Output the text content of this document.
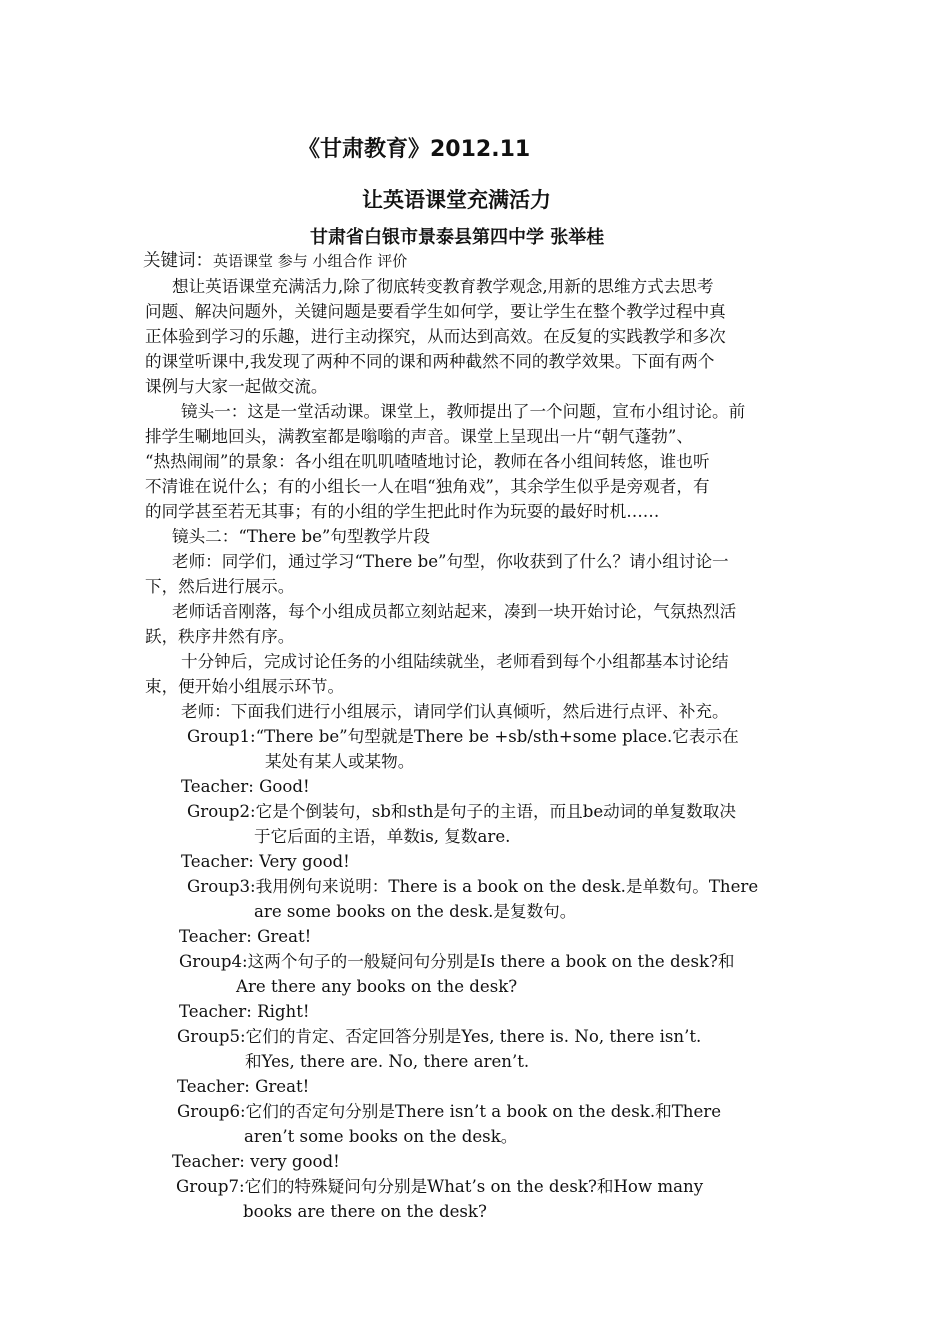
《甘肃教育》2012.11
让英语课堂充满活力
甘肃省白银市景泰县第四中学 张举桂
关键词：英语课堂 参与 小组合作 评价
想让英语课堂充满活力,除了彻底转变教育教学观念,用新的思维方式去思考
问题、解决问题外，关键问题是要看学生如何学，要让学生在整个教学过程中真
正体验到学习的乐趣，进行主动探究，从而达到高效。在反复的实践教学和多次
的课堂听课中,我发现了两种不同的课和两种截然不同的教学效果。下面有两个
课例与大家一起做交流。
镜头一：这是一堂活动课。课堂上，教师提出了一个问题，宣布小组讨论。前
排学生唰地回头，满教室都是嗡嗡的声音。课堂上呈现出一片“朝气蓬勃”、
“热热闹闹”的景象：各小组在叽叽喳喳地讨论，教师在各小组间转悠，谁也听
不清谁在说什么；有的小组长一人在唱“独角戏”，其余学生似乎是旁观者，有
的同学甚至若无其事；有的小组的学生把此时作为玩耍的最好时机……
镜头二：“There be”句型教学片段
老师：同学们，通过学习“There be”句型，你收获到了什么？请小组讨论一
下，然后进行展示。
老师话音刚落，每个小组成员都立刻站起来，凑到一块开始讨论，气氛热烈活
跃，秩序井然有序。
十分钟后，完成讨论任务的小组陆续就坐，老师看到每个小组都基本讨论结
束，便开始小组展示环节。
老师：下面我们进行小组展示，请同学们认真倾听，然后进行点评、补充。
Group1:“There be”句型就是There be +sb/sth+some place.它表示在
某处有某人或某物。
Teacher: Good!
Group2:它是个倒装句，sb和sth是句子的主语，而且be动词的单复数取决
于它后面的主语，单数is, 复数are.
Teacher: Very good!
Group3:我用例句来说明：There is a book on the desk.是单数句。There
are some books on the desk.是复数句。
Teacher: Great!
Group4:这两个句子的一般疑问句分别是Is there a book on the desk?和
Are there any books on the desk?
Teacher: Right!
Group5:它们的肯定、否定回答分别是Yes, there is. No, there isn’t.
和Yes, there are. No, there aren’t.
Teacher: Great!
Group6:它们的否定句分别是There isn’t a book on the desk.和There
aren’t some books on the desk。
Teacher: very good!
Group7:它们的特殊疑问句分别是What’s on the desk?和How many
books are there on the desk?
